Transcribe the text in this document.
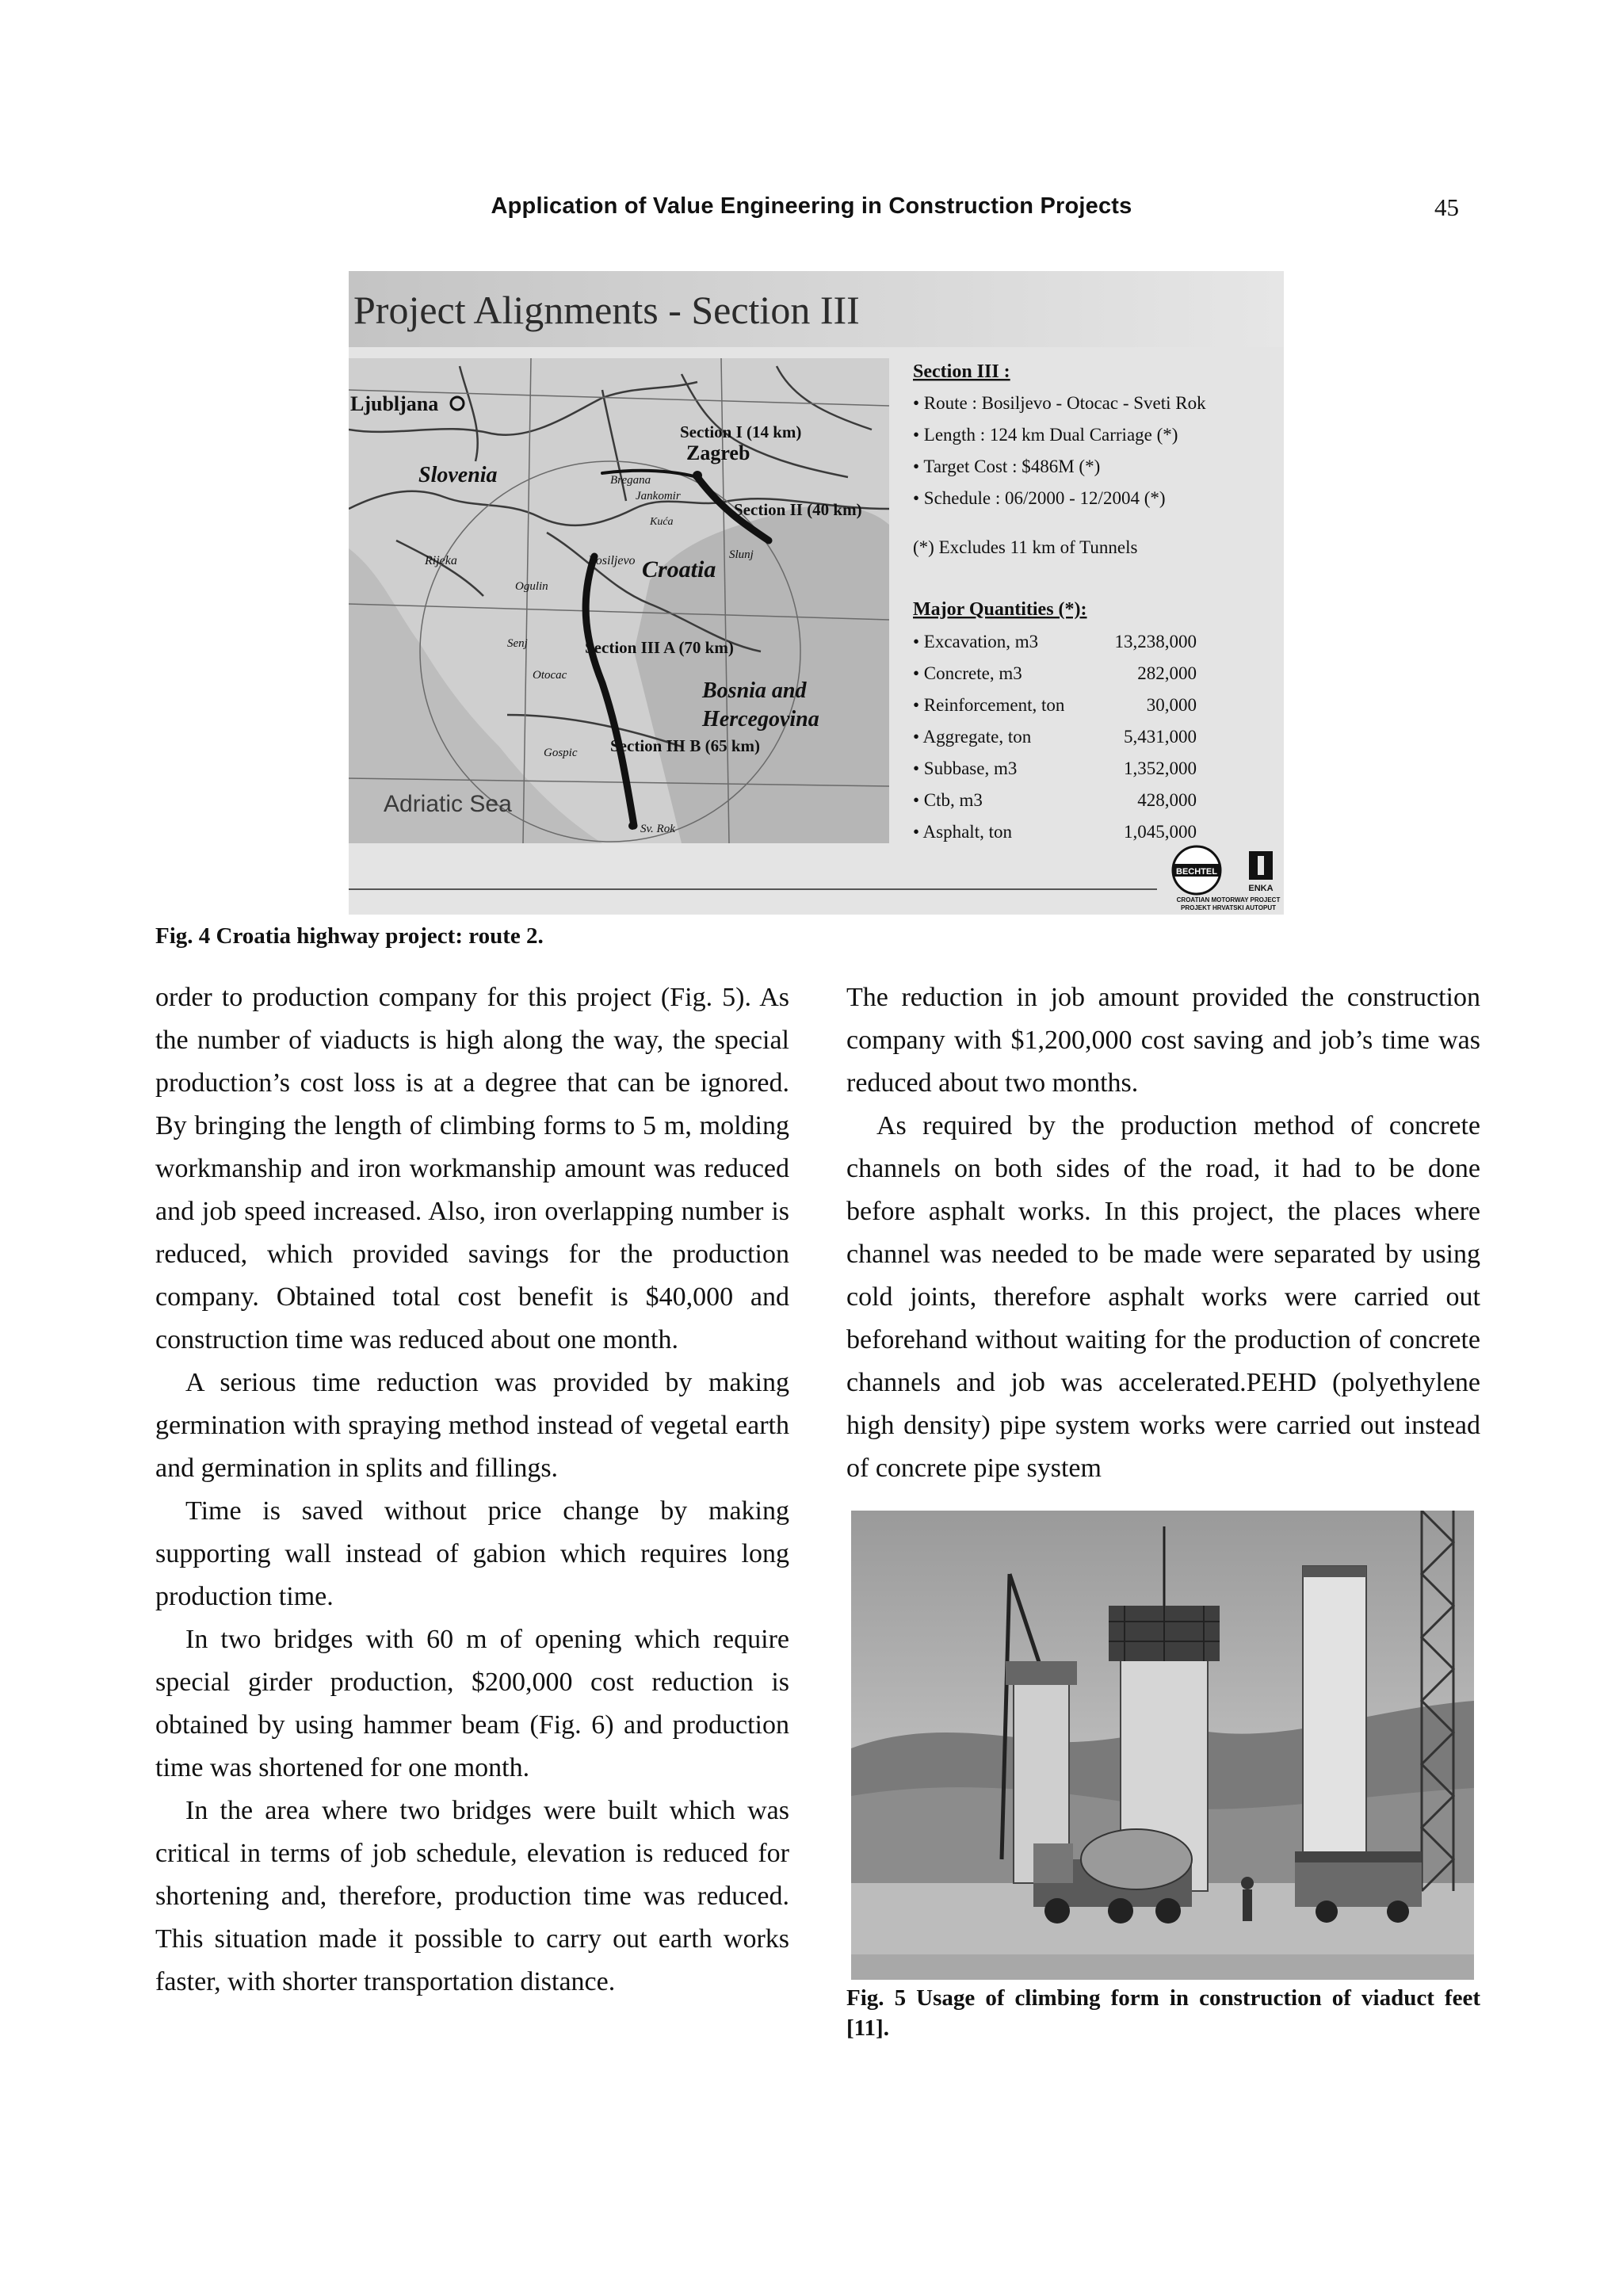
Application of Value Engineering in Construction Projects	45
Project Alignments - Section III
Ljubljana
Slovenia
Section I (14 km)
Zagreb
Bregana
Jankomir
Kuća
Section II (40 km)
Slunj
Rijeka	Bosiljevo Croatia
Ogulin
Senj	Section III A (70 km)
Otocac
Bosnia and
Hercegovina
Gospic Section III B (65 km)
Adriatic Sea
Sv. Rok
Section III :
• Route : Bosiljevo - Otocac - Sveti Rok
• Length : 124 km Dual Carriage (*)
• Target Cost : $486M (*)
• Schedule : 06/2000 - 12/2004 (*)
(*) Excludes 11 km of Tunnels
Major Quantities (*):
• Excavation, m3	13,238,000
• Concrete, m3	282,000
• Reinforcement, ton	30,000
• Aggregate, ton	5,431,000
• Subbase, m3	1,352,000
• Ctb, m3	428,000
• Asphalt, ton	1,045,000
BECHTEL
ENKA
CROATIAN MOTORWAY PROJECT
PROJEKT HRVATSKI AUTOPUT
Fig. 4 Croatia highway project: route 2.

order to production company for this project (Fig. 5). As the number of viaducts is high along the way, the special production’s cost loss is at a degree that can be ignored. By bringing the length of climbing forms to 5 m, molding workmanship and iron workmanship amount was reduced and job speed increased. Also, iron overlapping number is reduced, which provided savings for the production company. Obtained total cost benefit is $40,000 and construction time was reduced about one month.

A serious time reduction was provided by making germination with spraying method instead of vegetal earth and germination in splits and fillings.

Time is saved without price change by making supporting wall instead of gabion which requires long production time.

In two bridges with 60 m of opening which require special girder production, $200,000 cost reduction is obtained by using hammer beam (Fig. 6) and production time was shortened for one month.

In the area where two bridges were built which was critical in terms of job schedule, elevation is reduced for shortening and, therefore, production time was reduced. This situation made it possible to carry out earth works faster, with shorter transportation distance.

The reduction in job amount provided the construction company with $1,200,000 cost saving and job’s time was reduced about two months.

As required by the production method of concrete channels on both sides of the road, it had to be done before asphalt works. In this project, the places where channel was needed to be made were separated by using cold joints, therefore asphalt works were carried out beforehand without waiting for the production of concrete channels and job was accelerated.PEHD (polyethylene high density) pipe system works were carried out instead of concrete pipe system

Fig. 5 Usage of climbing form in construction of viaduct feet [11].
